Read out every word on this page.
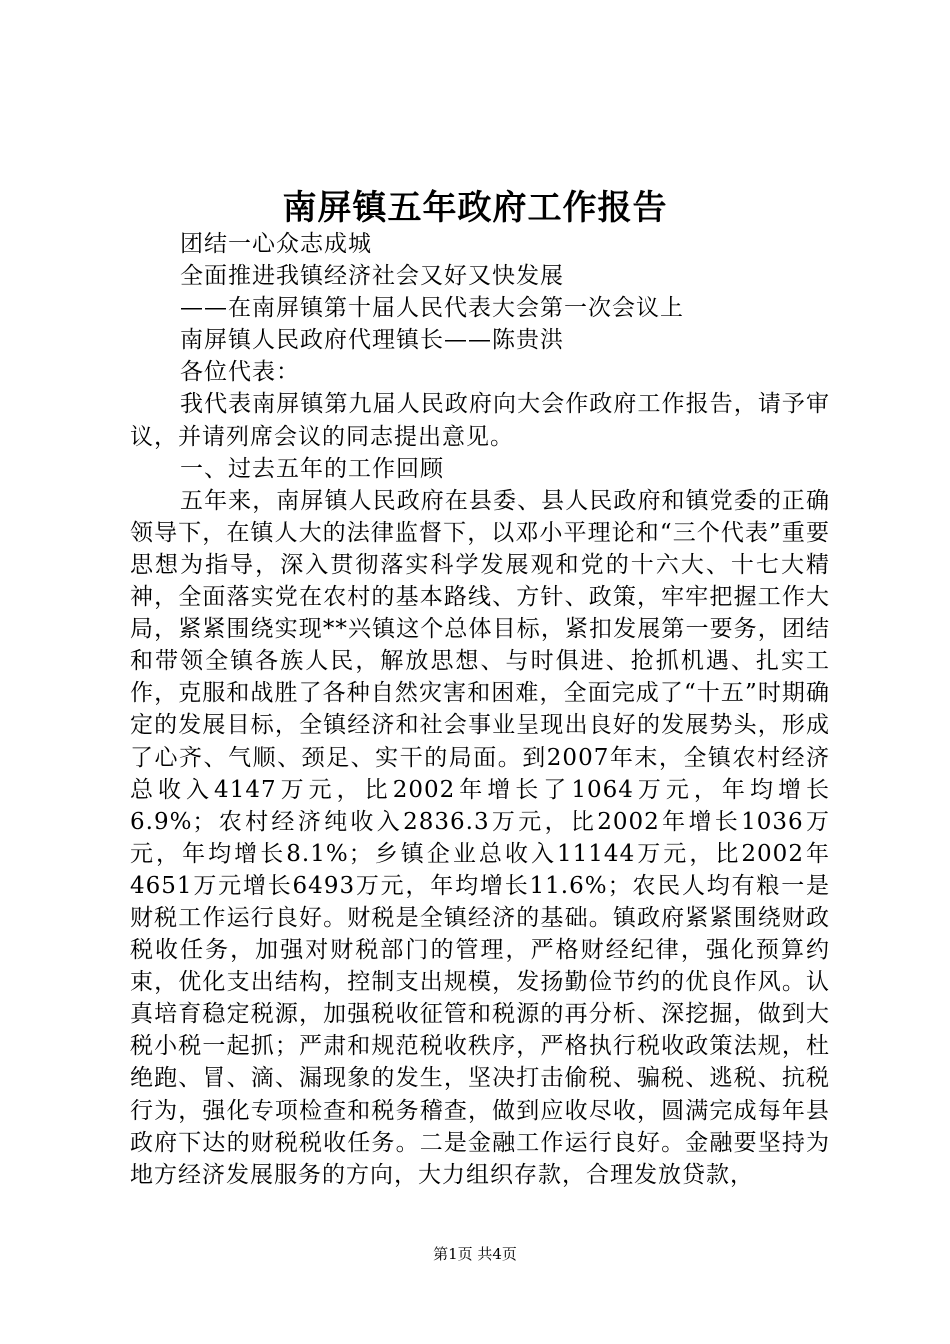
南屏镇五年政府工作报告

团结一心众志成城

全面推进我镇经济社会又好又快发展

——在南屏镇第十届人民代表大会第一次会议上

南屏镇人民政府代理镇长——陈贵洪

各位代表：

我代表南屏镇第九届人民政府向大会作政府工作报告，请予审议，并请列席会议的同志提出意见。

一、过去五年的工作回顾

五年来，南屏镇人民政府在县委、县人民政府和镇党委的正确领导下，在镇人大的法律监督下，以邓小平理论和“三个代表”重要思想为指导，深入贯彻落实科学发展观和党的十六大、十七大精神，全面落实党在农村的基本路线、方针、政策，牢牢把握工作大局，紧紧围绕实现**兴镇这个总体目标，紧扣发展第一要务，团结和带领全镇各族人民，解放思想、与时俱进、抢抓机遇、扎实工作，克服和战胜了各种自然灾害和困难，全面完成了“十五”时期确定的发展目标，全镇经济和社会事业呈现出良好的发展势头，形成了心齐、气顺、颈足、实干的局面。到2007年末，全镇农村经济总收入4147万元，比2002年增长了1064万元，年均增长6.9%；农村经济纯收入2836.3万元，比2002年增长1036万元，年均增长8.1%；乡镇企业总收入11144万元，比2002年4651万元增长6493万元，年均增长11.6%；农民人均有粮一是财税工作运行良好。财税是全镇经济的基础。镇政府紧紧围绕财政税收任务，加强对财税部门的管理，严格财经纪律，强化预算约束，优化支出结构，控制支出规模，发扬勤俭节约的优良作风。认真培育稳定税源，加强税收征管和税源的再分析、深挖掘，做到大税小税一起抓；严肃和规范税收秩序，严格执行税收政策法规，杜绝跑、冒、滴、漏现象的发生，坚决打击偷税、骗税、逃税、抗税行为，强化专项检查和税务稽查，做到应收尽收，圆满完成每年县政府下达的财税税收任务。二是金融工作运行良好。金融要坚持为地方经济发展服务的方向，大力组织存款，合理发放贷款，

第1页 共4页
